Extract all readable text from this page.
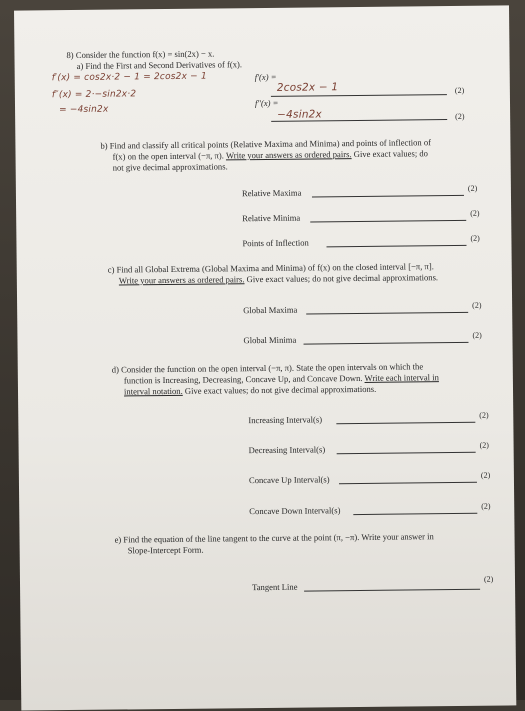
8) Consider the function f(x) = sin(2x) − x.
a) Find the First and Second Derivatives of f(x).
f′(x) = cos2x·2 − 1 = 2cos2x − 1
f″(x) = 2·−sin2x·2
= −4sin2x
f′(x) =
2cos2x − 1	(2)
f″(x) =
−4sin2x	(2)
b) Find and classify all critical points (Relative Maxima and Minima) and points of inflection of
f(x) on the open interval (−π, π). Write your answers as ordered pairs. Give exact values; do
not give decimal approximations.
Relative Maxima	(2)
Relative Minima	(2)
Points of Inflection	(2)
c) Find all Global Extrema (Global Maxima and Minima) of f(x) on the closed interval [−π, π].
Write your answers as ordered pairs. Give exact values; do not give decimal approximations.
Global Maxima	(2)
Global Minima	(2)
d) Consider the function on the open interval (−π, π). State the open intervals on which the
function is Increasing, Decreasing, Concave Up, and Concave Down. Write each interval in
interval notation. Give exact values; do not give decimal approximations.
Increasing Interval(s)	(2)
Decreasing Interval(s)	(2)
Concave Up Interval(s)	(2)
Concave Down Interval(s)	(2)
e) Find the equation of the line tangent to the curve at the point (π, −π). Write your answer in
Slope-Intercept Form.
Tangent Line
(2)
